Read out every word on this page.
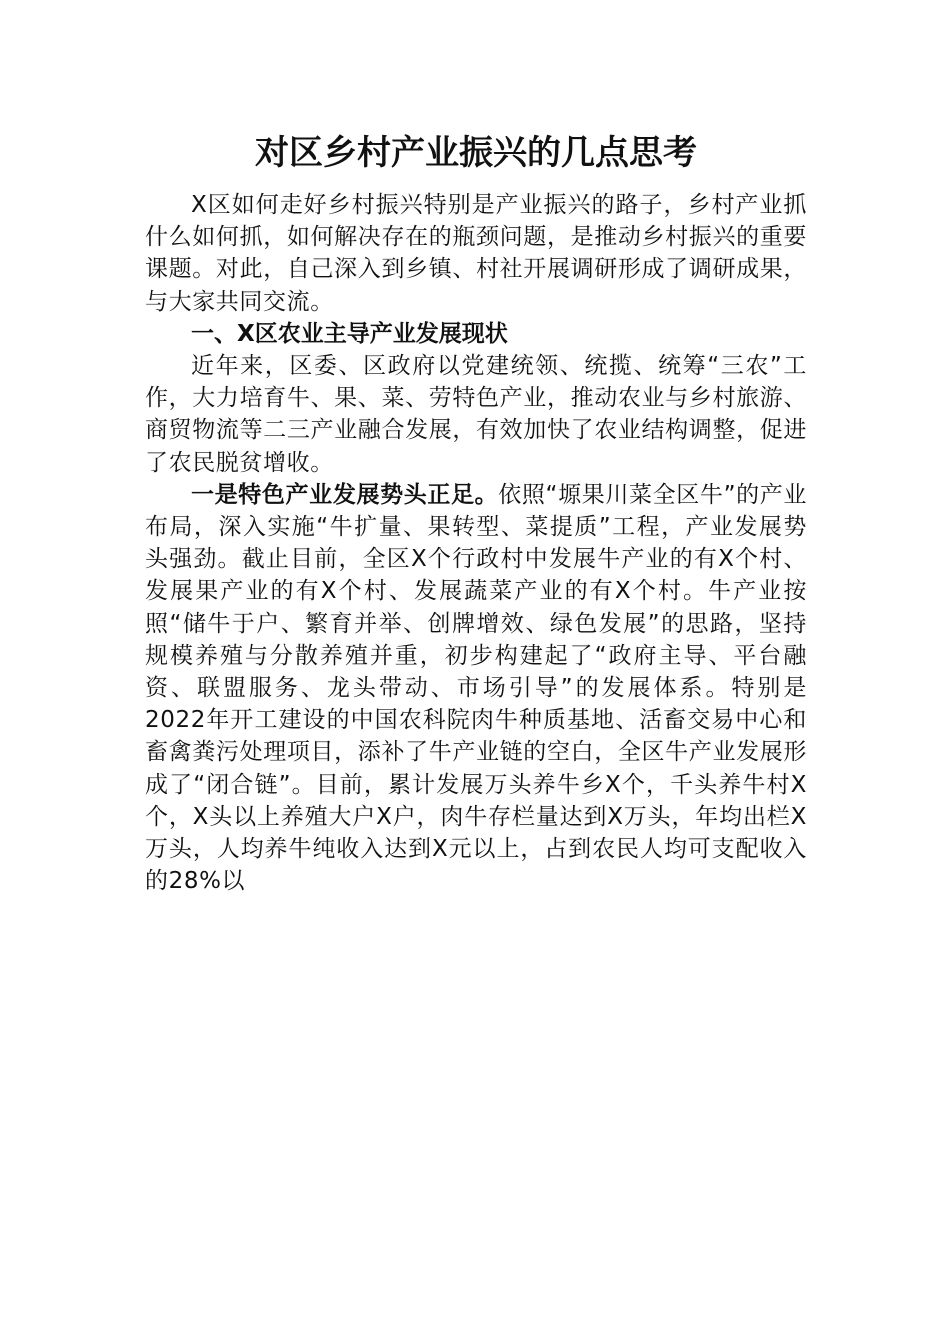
对区乡村产业振兴的几点思考

X区如何走好乡村振兴特别是产业振兴的路子，乡村产业抓什么如何抓，如何解决存在的瓶颈问题，是推动乡村振兴的重要课题。对此，自己深入到乡镇、村社开展调研形成了调研成果，与大家共同交流。

一、X区农业主导产业发展现状

近年来，区委、区政府以党建统领、统揽、统筹“三农”工作，大力培育牛、果、菜、劳特色产业，推动农业与乡村旅游、商贸物流等二三产业融合发展，有效加快了农业结构调整，促进了农民脱贫增收。

一是特色产业发展势头正足。依照“塬果川菜全区牛”的产业布局，深入实施“牛扩量、果转型、菜提质”工程，产业发展势头强劲。截止目前，全区X个行政村中发展牛产业的有X个村、发展果产业的有X个村、发展蔬菜产业的有X个村。牛产业按照“储牛于户、繁育并举、创牌增效、绿色发展”的思路，坚持规模养殖与分散养殖并重，初步构建起了“政府主导、平台融资、联盟服务、龙头带动、市场引导”的发展体系。特别是2022年开工建设的中国农科院肉牛种质基地、活畜交易中心和畜禽粪污处理项目，添补了牛产业链的空白，全区牛产业发展形成了“闭合链”。目前，累计发展万头养牛乡X个，千头养牛村X个，X头以上养殖大户X户，肉牛存栏量达到X万头，年均出栏X万头，人均养牛纯收入达到X元以上，占到农民人均可支配收入的28%以
